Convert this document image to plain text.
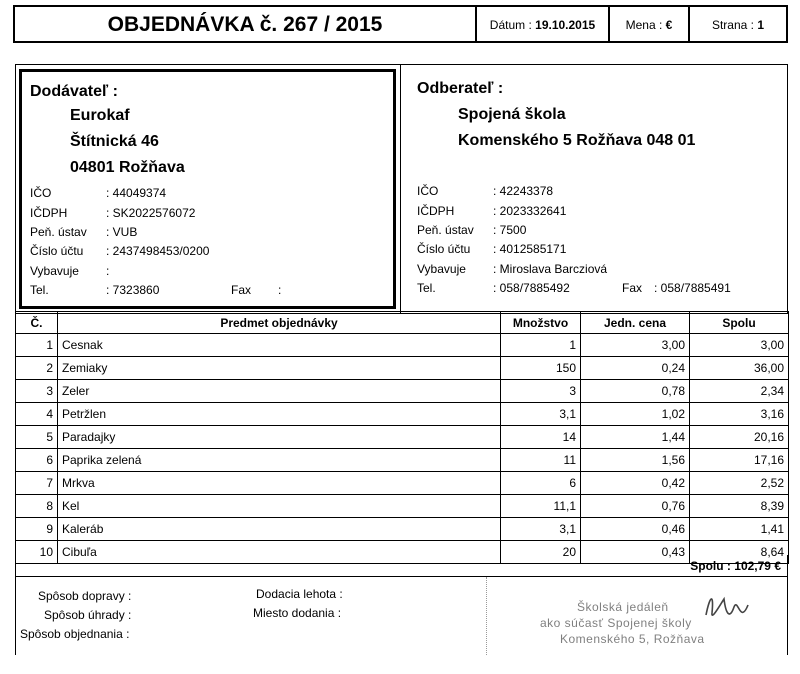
OBJEDNÁVKA č. 267 / 2015	Dátum : 19.10.2015	Mena : €	Strana : 1
Dodávateľ :
Eurokaf
Štítnická 46
04801 Rožňava
IČO	: 44049374
IČDPH	: SK2022576072
Peň. ústav : VUB
Číslo účtu : 2437498453/0200
Vybavuje :
Tel.	: 7323860	Fax :
Odberateľ :
Spojená škola
Komenského 5 Rožňava 048 01
IČO	: 42243378
IČDPH	: 2023332641
Peň. ústav : 7500
Číslo účtu : 4012585171
Vybavuje : Miroslava Barcziová
Tel.	: 058/7885492	Fax : 058/7885491
Č.	Predmet objednávky	Množstvo	Jedn. cena	Spolu
1	Cesnak	1	3,00	3,00
2	Zemiaky	150	0,24	36,00
3	Zeler	3	0,78	2,34
4	Petržlen	3,1	1,02	3,16
5	Paradajky	14	1,44	20,16
6	Paprika zelená	11	1,56	17,16
7	Mrkva	6	0,42	2,52
8	Kel	11,1	0,76	8,39
9	Kaleráb	3,1	0,46	1,41
10	Cibuľa	20	0,43	8,64
Spolu : 102,79 €
Spôsob dopravy :
Spôsob úhrady :
Spôsob objednania :
Dodacia lehota :
Miesto dodania :	Školská jedáleň
ako súčasť Spojenej školy
Komenského 5, Rožňava
